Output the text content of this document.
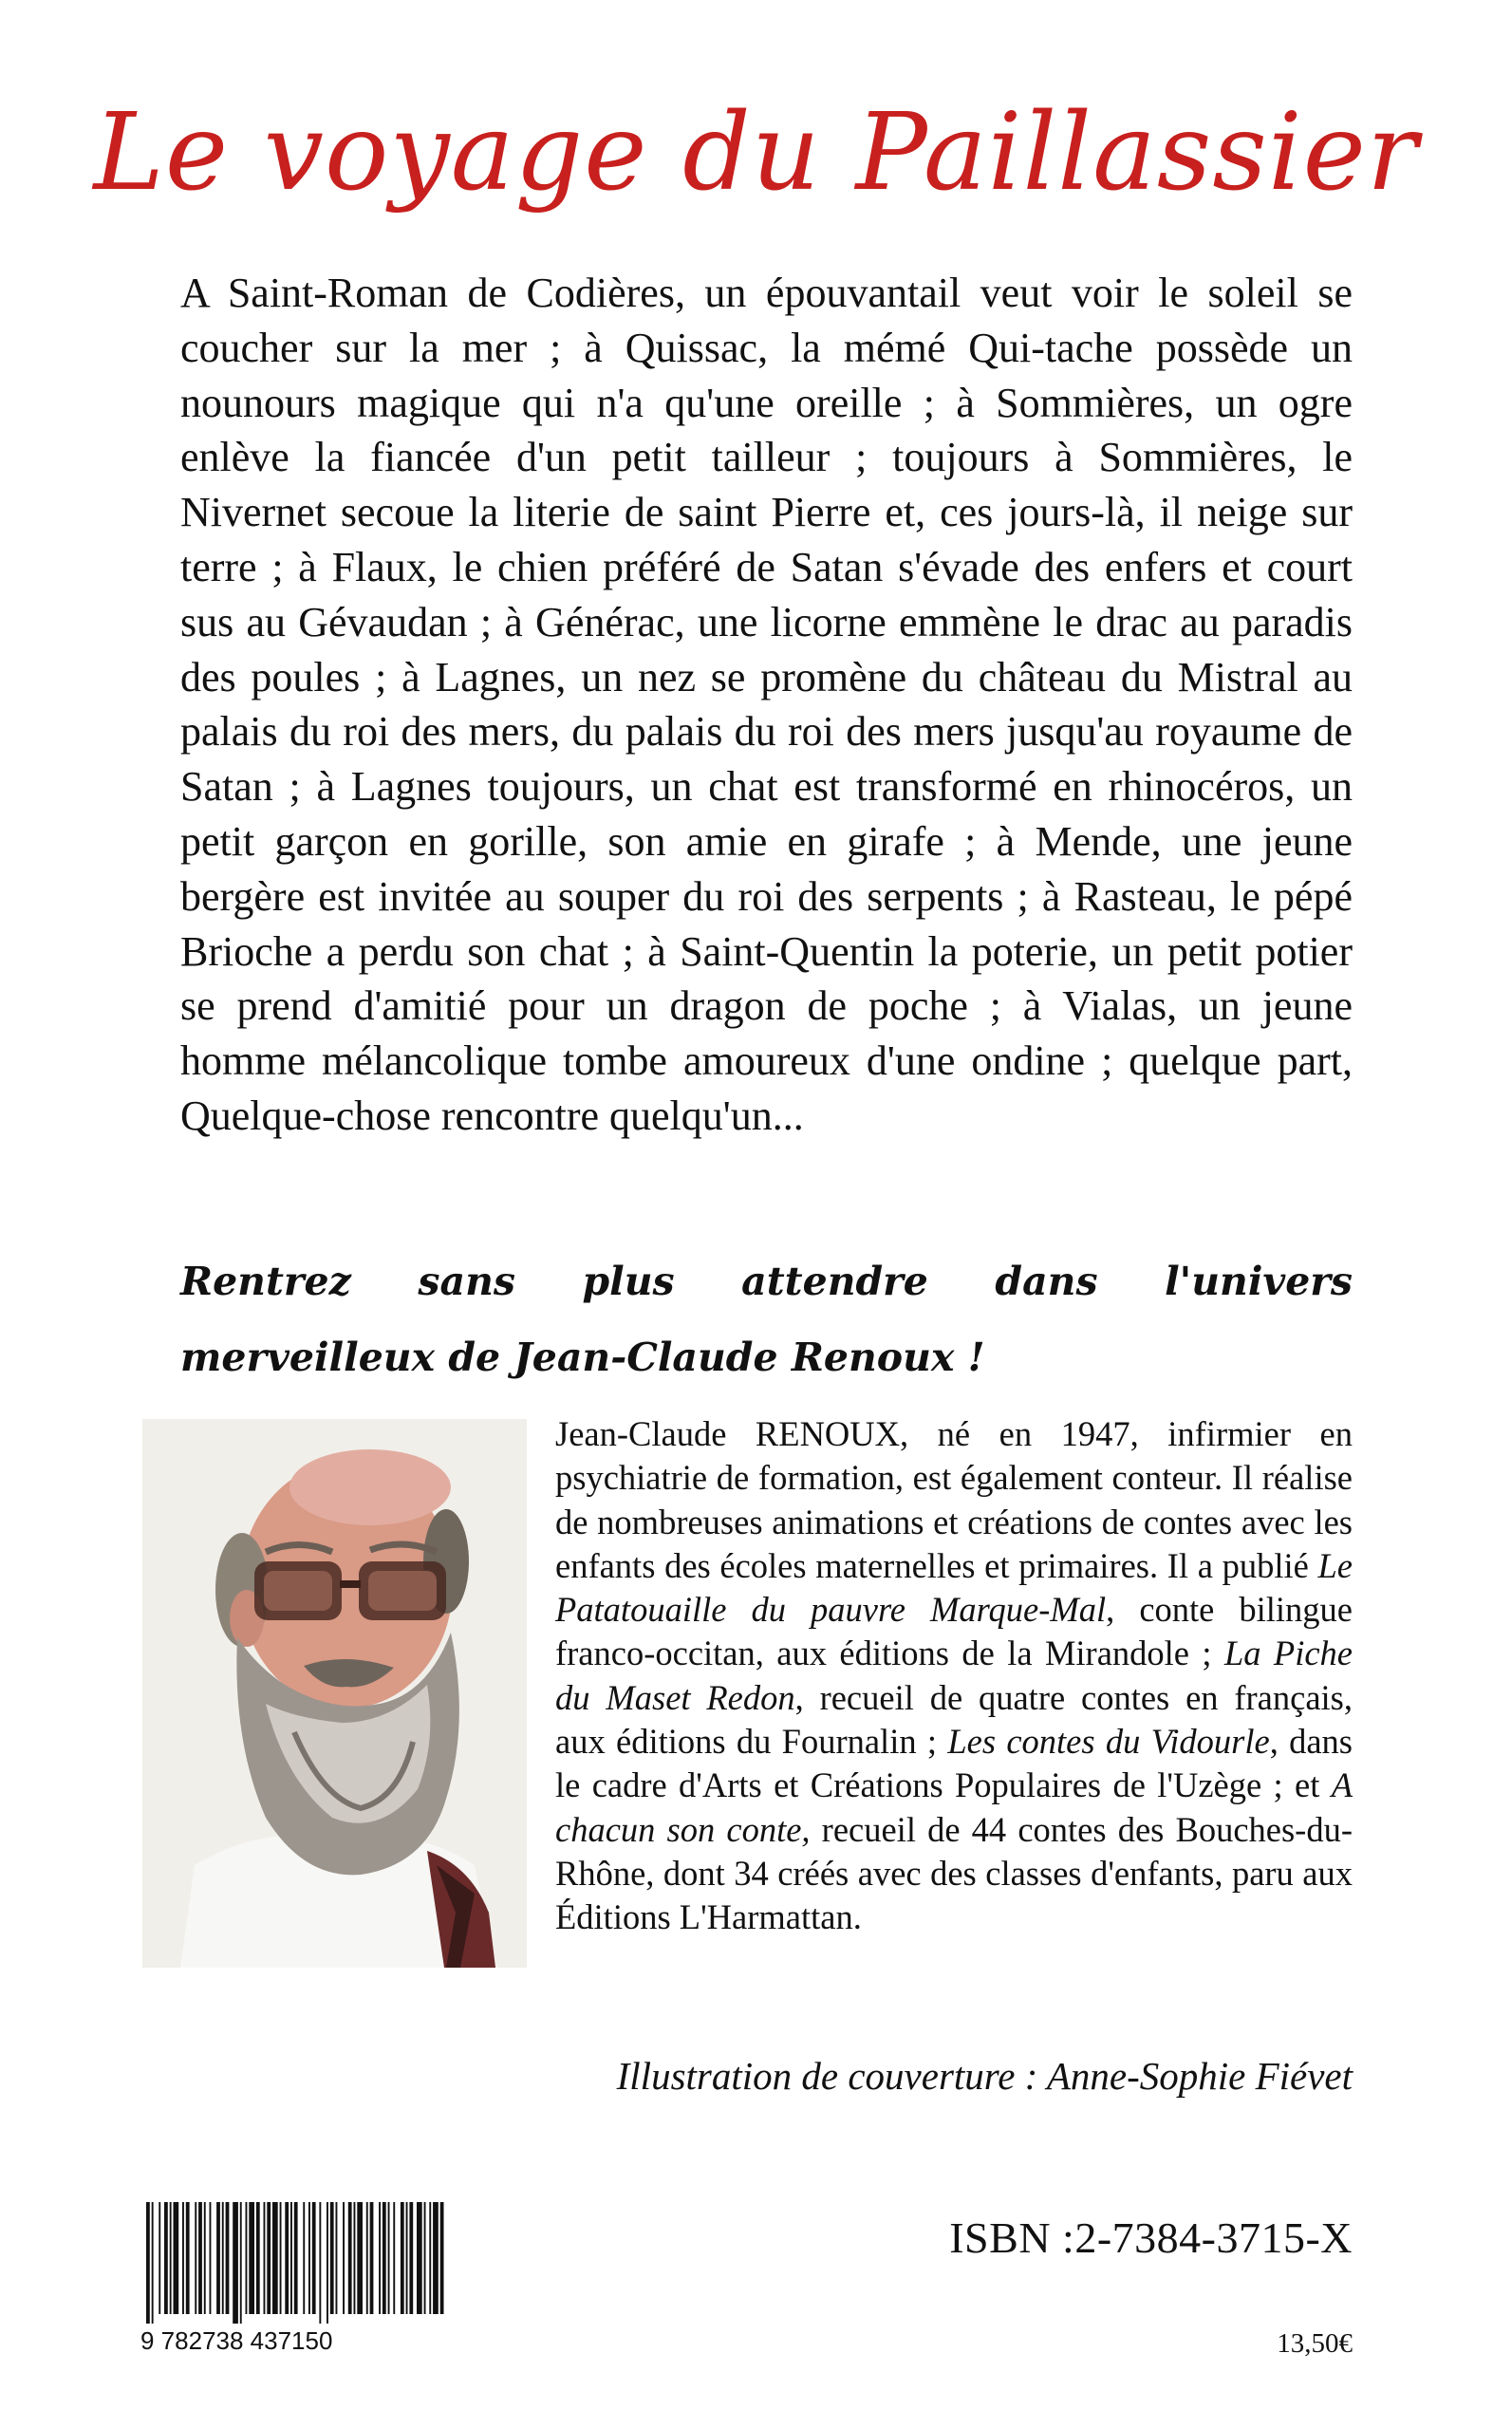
Le voyage du Paillassier

A Saint-Roman de Codières, un épouvantail veut voir le soleil se coucher sur la mer ; à Quissac, la mémé Qui-tache possède un nounours magique qui n'a qu'une oreille ; à Sommières, un ogre enlève la fiancée d'un petit tailleur ; toujours à Sommières, le Nivernet secoue la literie de saint Pierre et, ces jours-là, il neige sur terre ; à Flaux, le chien préféré de Satan s'évade des enfers et court sus au Gévaudan ; à Générac, une licorne emmène le drac au paradis des poules ; à Lagnes, un nez se promène du château du Mistral au palais du roi des mers, du palais du roi des mers jusqu'au royaume de Satan ; à Lagnes toujours, un chat est transformé en rhinocéros, un petit garçon en gorille, son amie en girafe ; à Mende, une jeune bergère est invitée au souper du roi des serpents ; à Rasteau, le pépé Brioche a perdu son chat ; à Saint-Quentin la poterie, un petit potier se prend d'amitié pour un dragon de poche ; à Vialas, un jeune homme mélancolique tombe amoureux d'une ondine ; quelque part, Quelque-chose rencontre quelqu'un...

Rentrez sans plus attendre dans l'univers merveilleux de Jean-Claude Renoux !

Jean-Claude RENOUX, né en 1947, infirmier en psychiatrie de formation, est également conteur. Il réalise de nombreuses animations et créations de contes avec les enfants des écoles maternelles et primaires. Il a publié Le Patatouaille du pauvre Marque-Mal, conte bilingue franco-occitan, aux éditions de la Mirandole ; La Piche du Maset Redon, recueil de quatre contes en français, aux éditions du Fournalin ; Les contes du Vidourle, dans le cadre d'Arts et Créations Populaires de l'Uzège ; et A chacun son conte, recueil de 44 contes des Bouches-du-Rhône, dont 34 créés avec des classes d'enfants, paru aux Éditions L'Harmattan.

Illustration de couverture : Anne-Sophie Fiévet

9 782738 437150

ISBN :2-7384-3715-X

13,50€
